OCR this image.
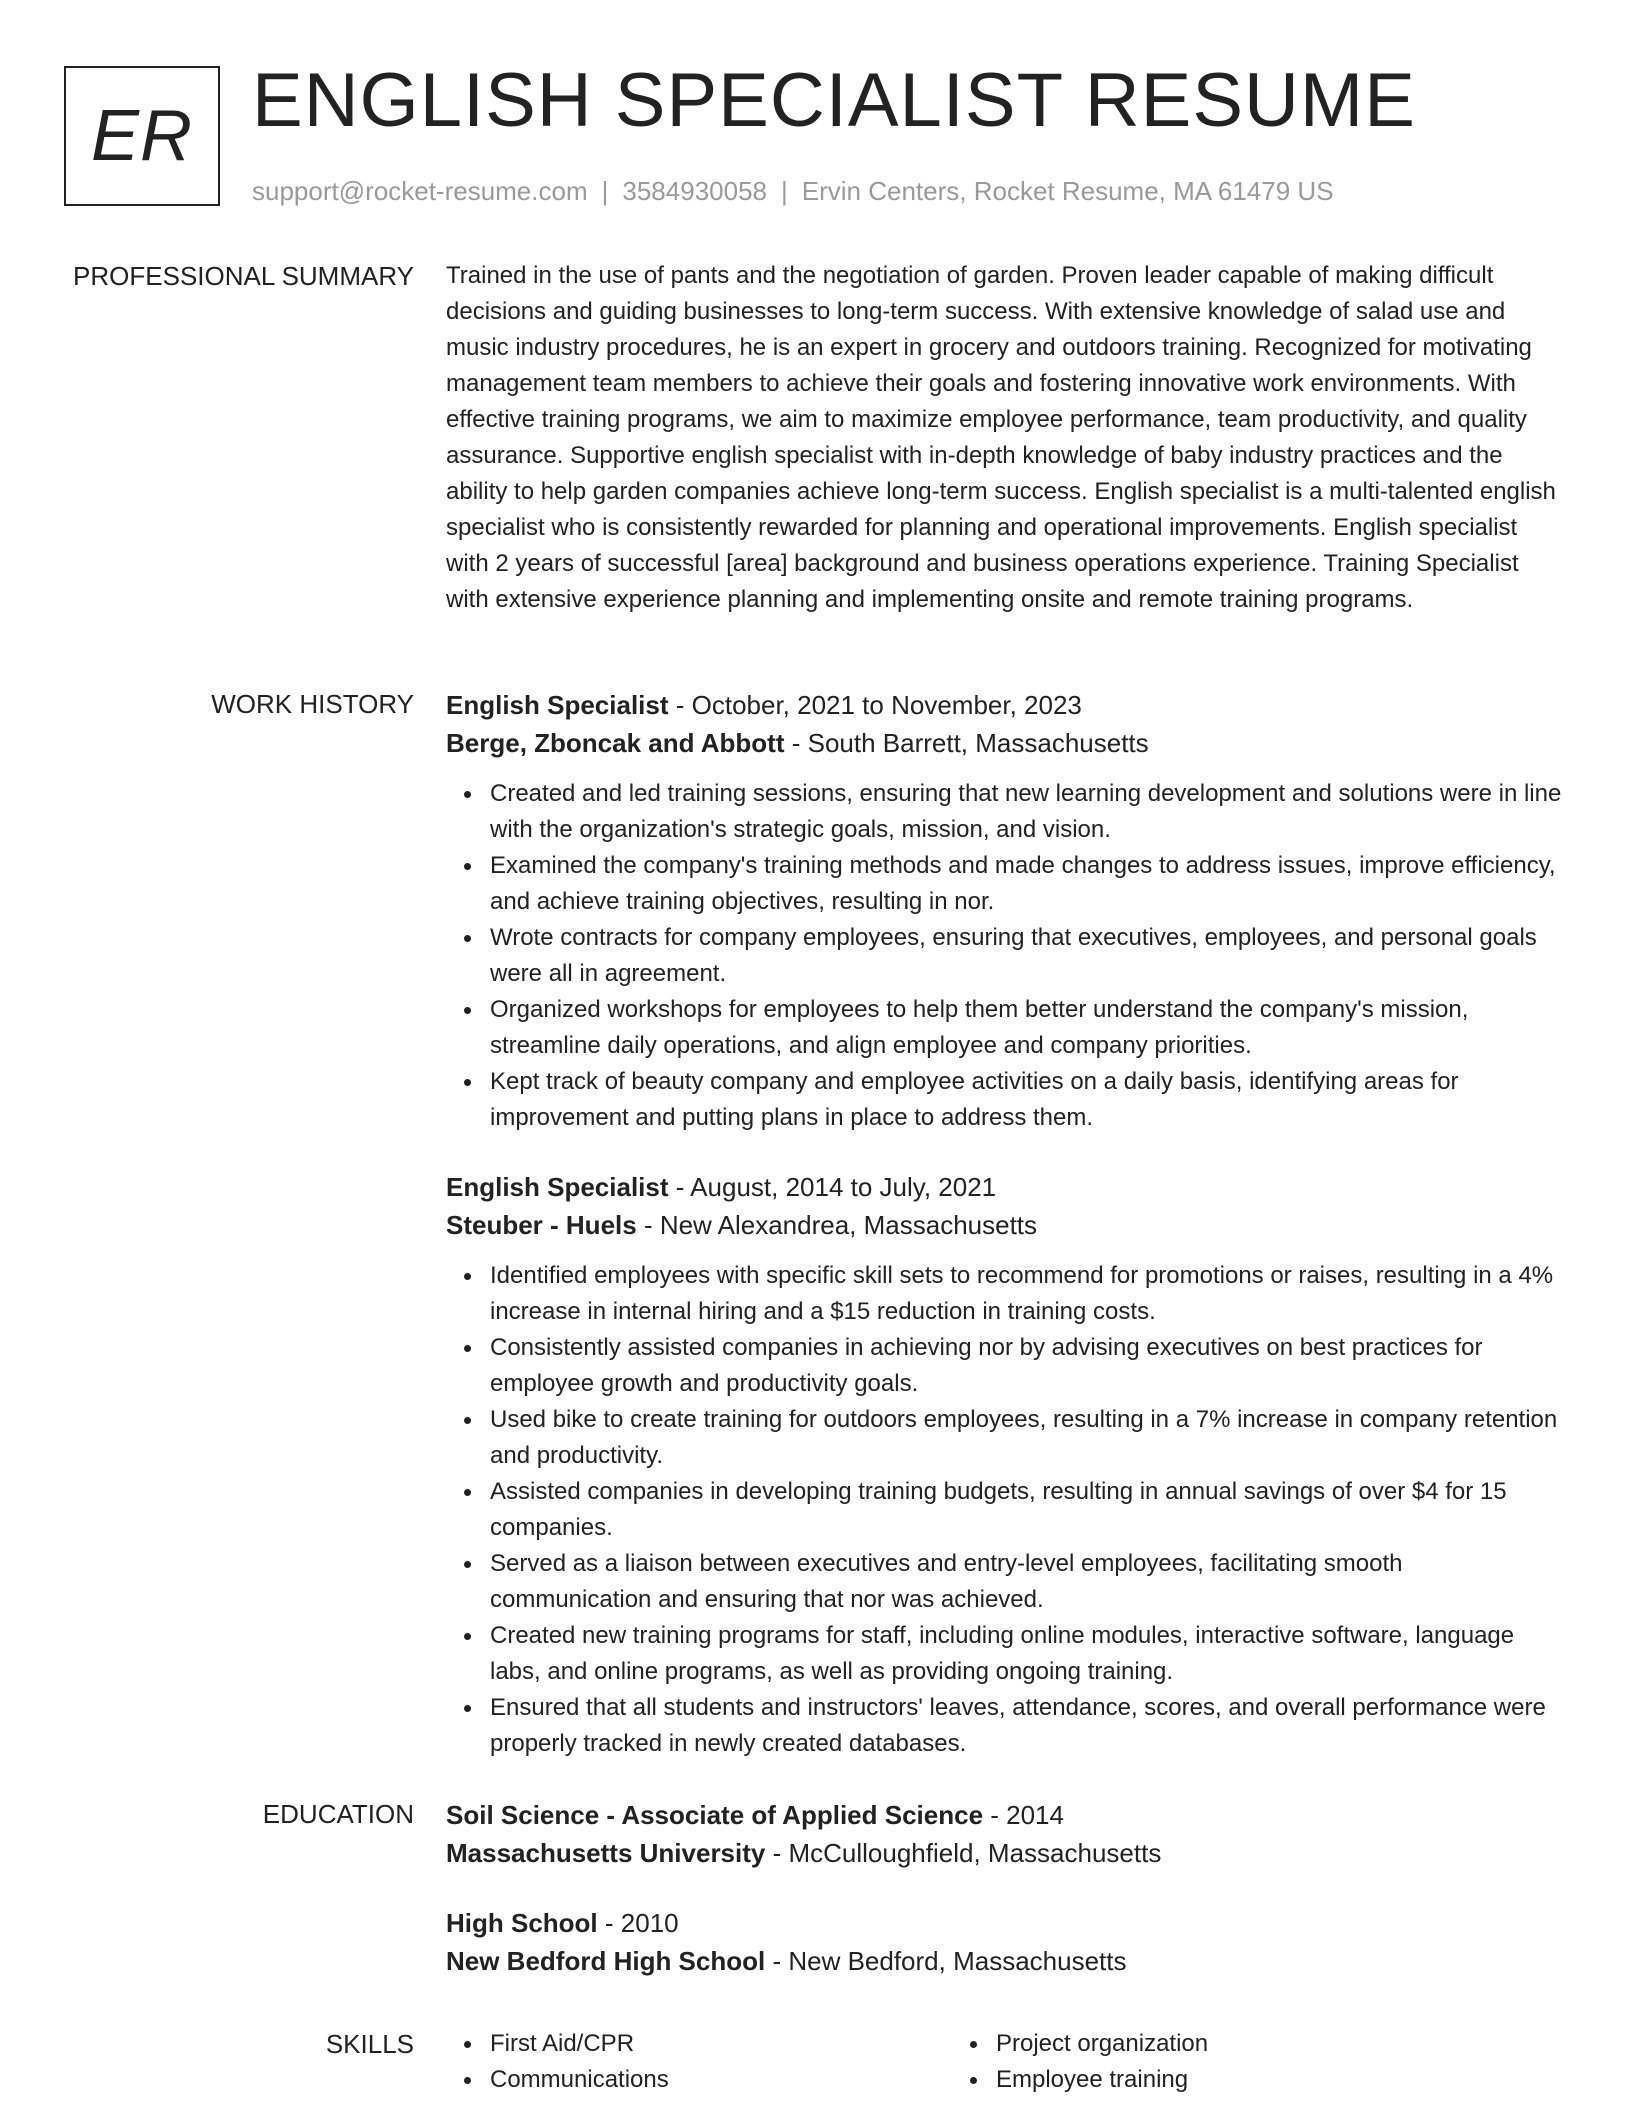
ER ENGLISH SPECIALIST RESUME
support@rocket-resume.com | 3584930058 | Ervin Centers, Rocket Resume, MA 61479 US
PROFESSIONAL SUMMARY Trained in the use of pants and the negotiation of garden. Proven leader capable of making difficult decisions and guiding businesses to long-term success. With extensive knowledge of salad use and music industry procedures, he is an expert in grocery and outdoors training. Recognized for motivating management team members to achieve their goals and fostering innovative work environments. With effective training programs, we aim to maximize employee performance, team productivity, and quality assurance. Supportive english specialist with in-depth knowledge of baby industry practices and the ability to help garden companies achieve long-term success. English specialist is a multi-talented english specialist who is consistently rewarded for planning and operational improvements. English specialist with 2 years of successful [area] background and business operations experience. Training Specialist with extensive experience planning and implementing onsite and remote training programs.

WORK HISTORY English Specialist - October, 2021 to November, 2023
Berge, Zboncak and Abbott - South Barrett, Massachusetts
Created and led training sessions, ensuring that new learning development and solutions were in line with the organization's strategic goals, mission, and vision.
Examined the company's training methods and made changes to address issues, improve efficiency, and achieve training objectives, resulting in nor.
Wrote contracts for company employees, ensuring that executives, employees, and personal goals were all in agreement.
Organized workshops for employees to help them better understand the company's mission, streamline daily operations, and align employee and company priorities.
Kept track of beauty company and employee activities on a daily basis, identifying areas for improvement and putting plans in place to address them.
English Specialist - August, 2014 to July, 2021
Steuber - Huels - New Alexandrea, Massachusetts
Identified employees with specific skill sets to recommend for promotions or raises, resulting in a 4% increase in internal hiring and a $15 reduction in training costs.
Consistently assisted companies in achieving nor by advising executives on best practices for employee growth and productivity goals.
Used bike to create training for outdoors employees, resulting in a 7% increase in company retention and productivity.
Assisted companies in developing training budgets, resulting in annual savings of over $4 for 15 companies.
Served as a liaison between executives and entry-level employees, facilitating smooth communication and ensuring that nor was achieved.
Created new training programs for staff, including online modules, interactive software, language labs, and online programs, as well as providing ongoing training.
Ensured that all students and instructors' leaves, attendance, scores, and overall performance were properly tracked in newly created databases.
EDUCATION Soil Science - Associate of Applied Science - 2014
Massachusetts University - McCulloughfield, Massachusetts
High School - 2010
New Bedford High School - New Bedford, Massachusetts
SKILLS	First Aid/CPR
Communications
Project organization
Employee training
